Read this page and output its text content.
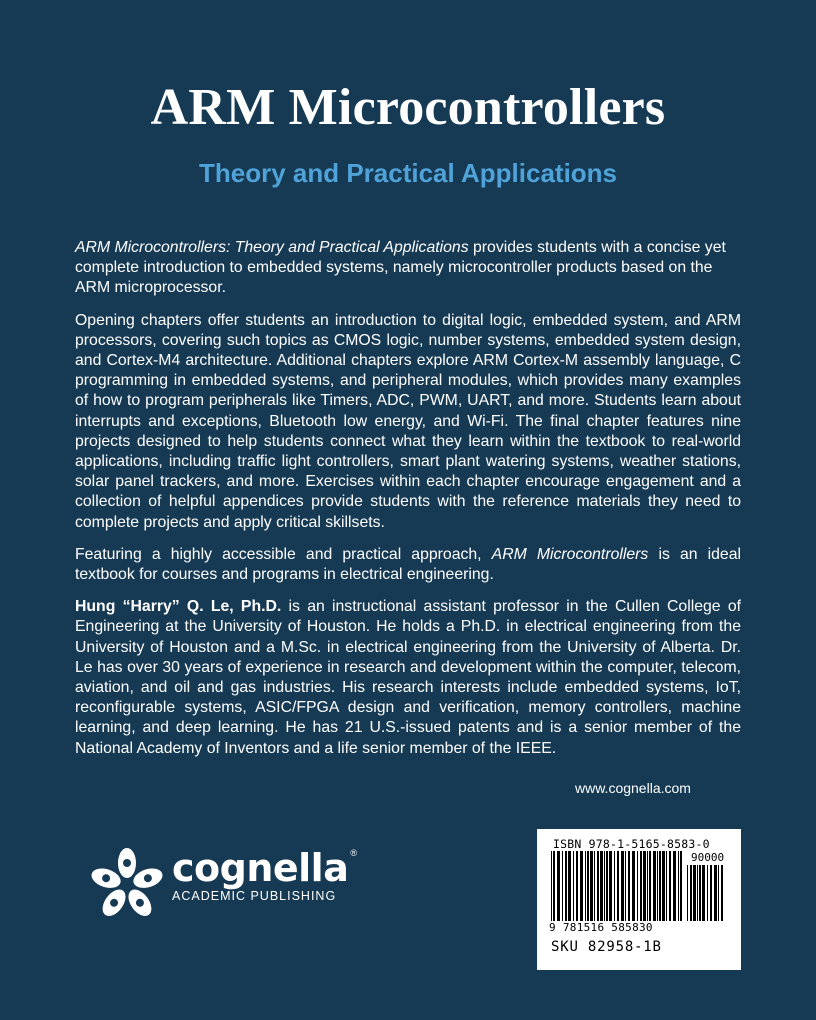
ARM Microcontrollers
Theory and Practical Applications

ARM Microcontrollers: Theory and Practical Applications provides students with a concise yet complete introduction to embedded systems, namely microcontroller products based on the ARM microprocessor.

Opening chapters offer students an introduction to digital logic, embedded system, and ARM processors, covering such topics as CMOS logic, number systems, embedded system design, and Cortex-M4 architecture. Additional chapters explore ARM Cortex-M assembly language, C programming in embedded systems, and peripheral modules, which provides many examples of how to program peripherals like Timers, ADC, PWM, UART, and more. Students learn about interrupts and exceptions, Bluetooth low energy, and Wi-Fi. The final chapter features nine projects designed to help students connect what they learn within the textbook to real-world applications, including traffic light controllers, smart plant watering systems, weather stations, solar panel trackers, and more. Exercises within each chapter encourage engagement and a collection of helpful appendices provide students with the reference materials they need to complete projects and apply critical skillsets.

Featuring a highly accessible and practical approach, ARM Microcontrollers is an ideal textbook for courses and programs in electrical engineering.

Hung “Harry” Q. Le, Ph.D. is an instructional assistant professor in the Cullen College of Engineering at the University of Houston. He holds a Ph.D. in electrical engineering from the University of Houston and a M.Sc. in electrical engineering from the University of Alberta. Dr. Le has over 30 years of experience in research and development within the computer, telecom, aviation, and oil and gas industries. His research interests include embedded systems, IoT, reconfigurable systems, ASIC/FPGA design and verification, memory controllers, machine learning, and deep learning. He has 21 U.S.-issued patents and is a senior member of the National Academy of Inventors and a life senior member of the IEEE.

www.cognella.com
cognella ®
ACADEMIC PUBLISHING
ISBN 978-1-5165-8583-0
90000
9 781516 585830
SKU 82958-1B
